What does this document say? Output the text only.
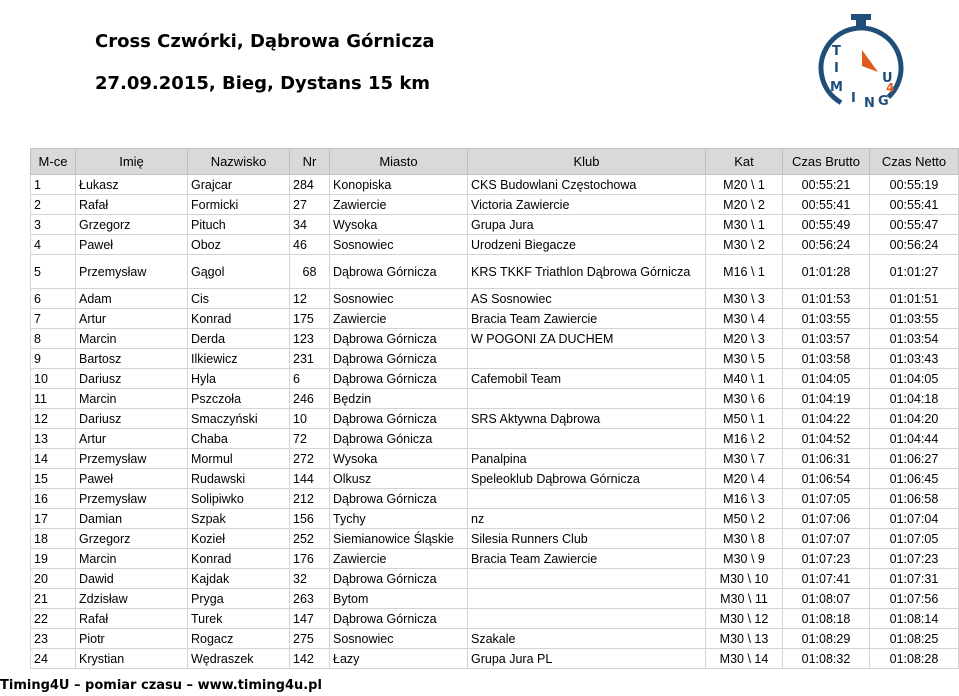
Cross Czwórki, Dąbrowa Górnicza
27.09.2015, Bieg, Dystans 15 km
T
I
M
I N G
U
4
M-ce	Imię	Nazwisko	Nr	Miasto	Klub	Kat	Czas Brutto	Czas Netto
1	Łukasz	Grajcar	284	Konopiska	CKS Budowlani Częstochowa	M20 \ 1	00:55:21	00:55:19
2	Rafał	Formicki	27	Zawiercie	Victoria Zawiercie	M20 \ 2	00:55:41	00:55:41
3	Grzegorz	Pituch	34	Wysoka	Grupa Jura	M30 \ 1	00:55:49	00:55:47
4	Paweł	Oboz	46	Sosnowiec	Urodzeni Biegacze	M30 \ 2	00:56:24	00:56:24
5	Przemysław	Gągol	68	Dąbrowa Górnicza	KRS TKKF Triathlon Dąbrowa Górnicza	M16 \ 1	01:01:28	01:01:27
6	Adam	Cis	12	Sosnowiec	AS Sosnowiec	M30 \ 3	01:01:53	01:01:51
7	Artur	Konrad	175	Zawiercie	Bracia Team Zawiercie	M30 \ 4	01:03:55	01:03:55
8	Marcin	Derda	123	Dąbrowa Górnicza	W POGONI ZA DUCHEM	M20 \ 3	01:03:57	01:03:54
9	Bartosz	Ilkiewicz	231	Dąbrowa Górnicza		M30 \ 5	01:03:58	01:03:43
10	Dariusz	Hyla	6	Dąbrowa Górnicza	Cafemobil Team	M40 \ 1	01:04:05	01:04:05
11	Marcin	Pszczoła	246	Będzin		M30 \ 6	01:04:19	01:04:18
12	Dariusz	Smaczyński	10	Dąbrowa Górnicza	SRS Aktywna Dąbrowa	M50 \ 1	01:04:22	01:04:20
13	Artur	Chaba	72	Dąbrowa Gónicza		M16 \ 2	01:04:52	01:04:44
14	Przemysław	Mormul	272	Wysoka	Panalpina	M30 \ 7	01:06:31	01:06:27
15	Paweł	Rudawski	144	Olkusz	Speleoklub Dąbrowa Górnicza	M20 \ 4	01:06:54	01:06:45
16	Przemysław	Solipiwko	212	Dąbrowa Górnicza		M16 \ 3	01:07:05	01:06:58
17	Damian	Szpak	156	Tychy	nz	M50 \ 2	01:07:06	01:07:04
18	Grzegorz	Kozieł	252	Siemianowice Śląskie	Silesia Runners Club	M30 \ 8	01:07:07	01:07:05
19	Marcin	Konrad	176	Zawiercie	Bracia Team Zawiercie	M30 \ 9	01:07:23	01:07:23
20	Dawid	Kajdak	32	Dąbrowa Górnicza		M30 \ 10	01:07:41	01:07:31
21	Zdzisław	Pryga	263	Bytom		M30 \ 11	01:08:07	01:07:56
22	Rafał	Turek	147	Dąbrowa Górnicza		M30 \ 12	01:08:18	01:08:14
23	Piotr	Rogacz	275	Sosnowiec	Szakale	M30 \ 13	01:08:29	01:08:25
24	Krystian	Wędraszek	142	Łazy	Grupa Jura PL	M30 \ 14	01:08:32	01:08:28
Timing4U – pomiar czasu – www.timing4u.pl
